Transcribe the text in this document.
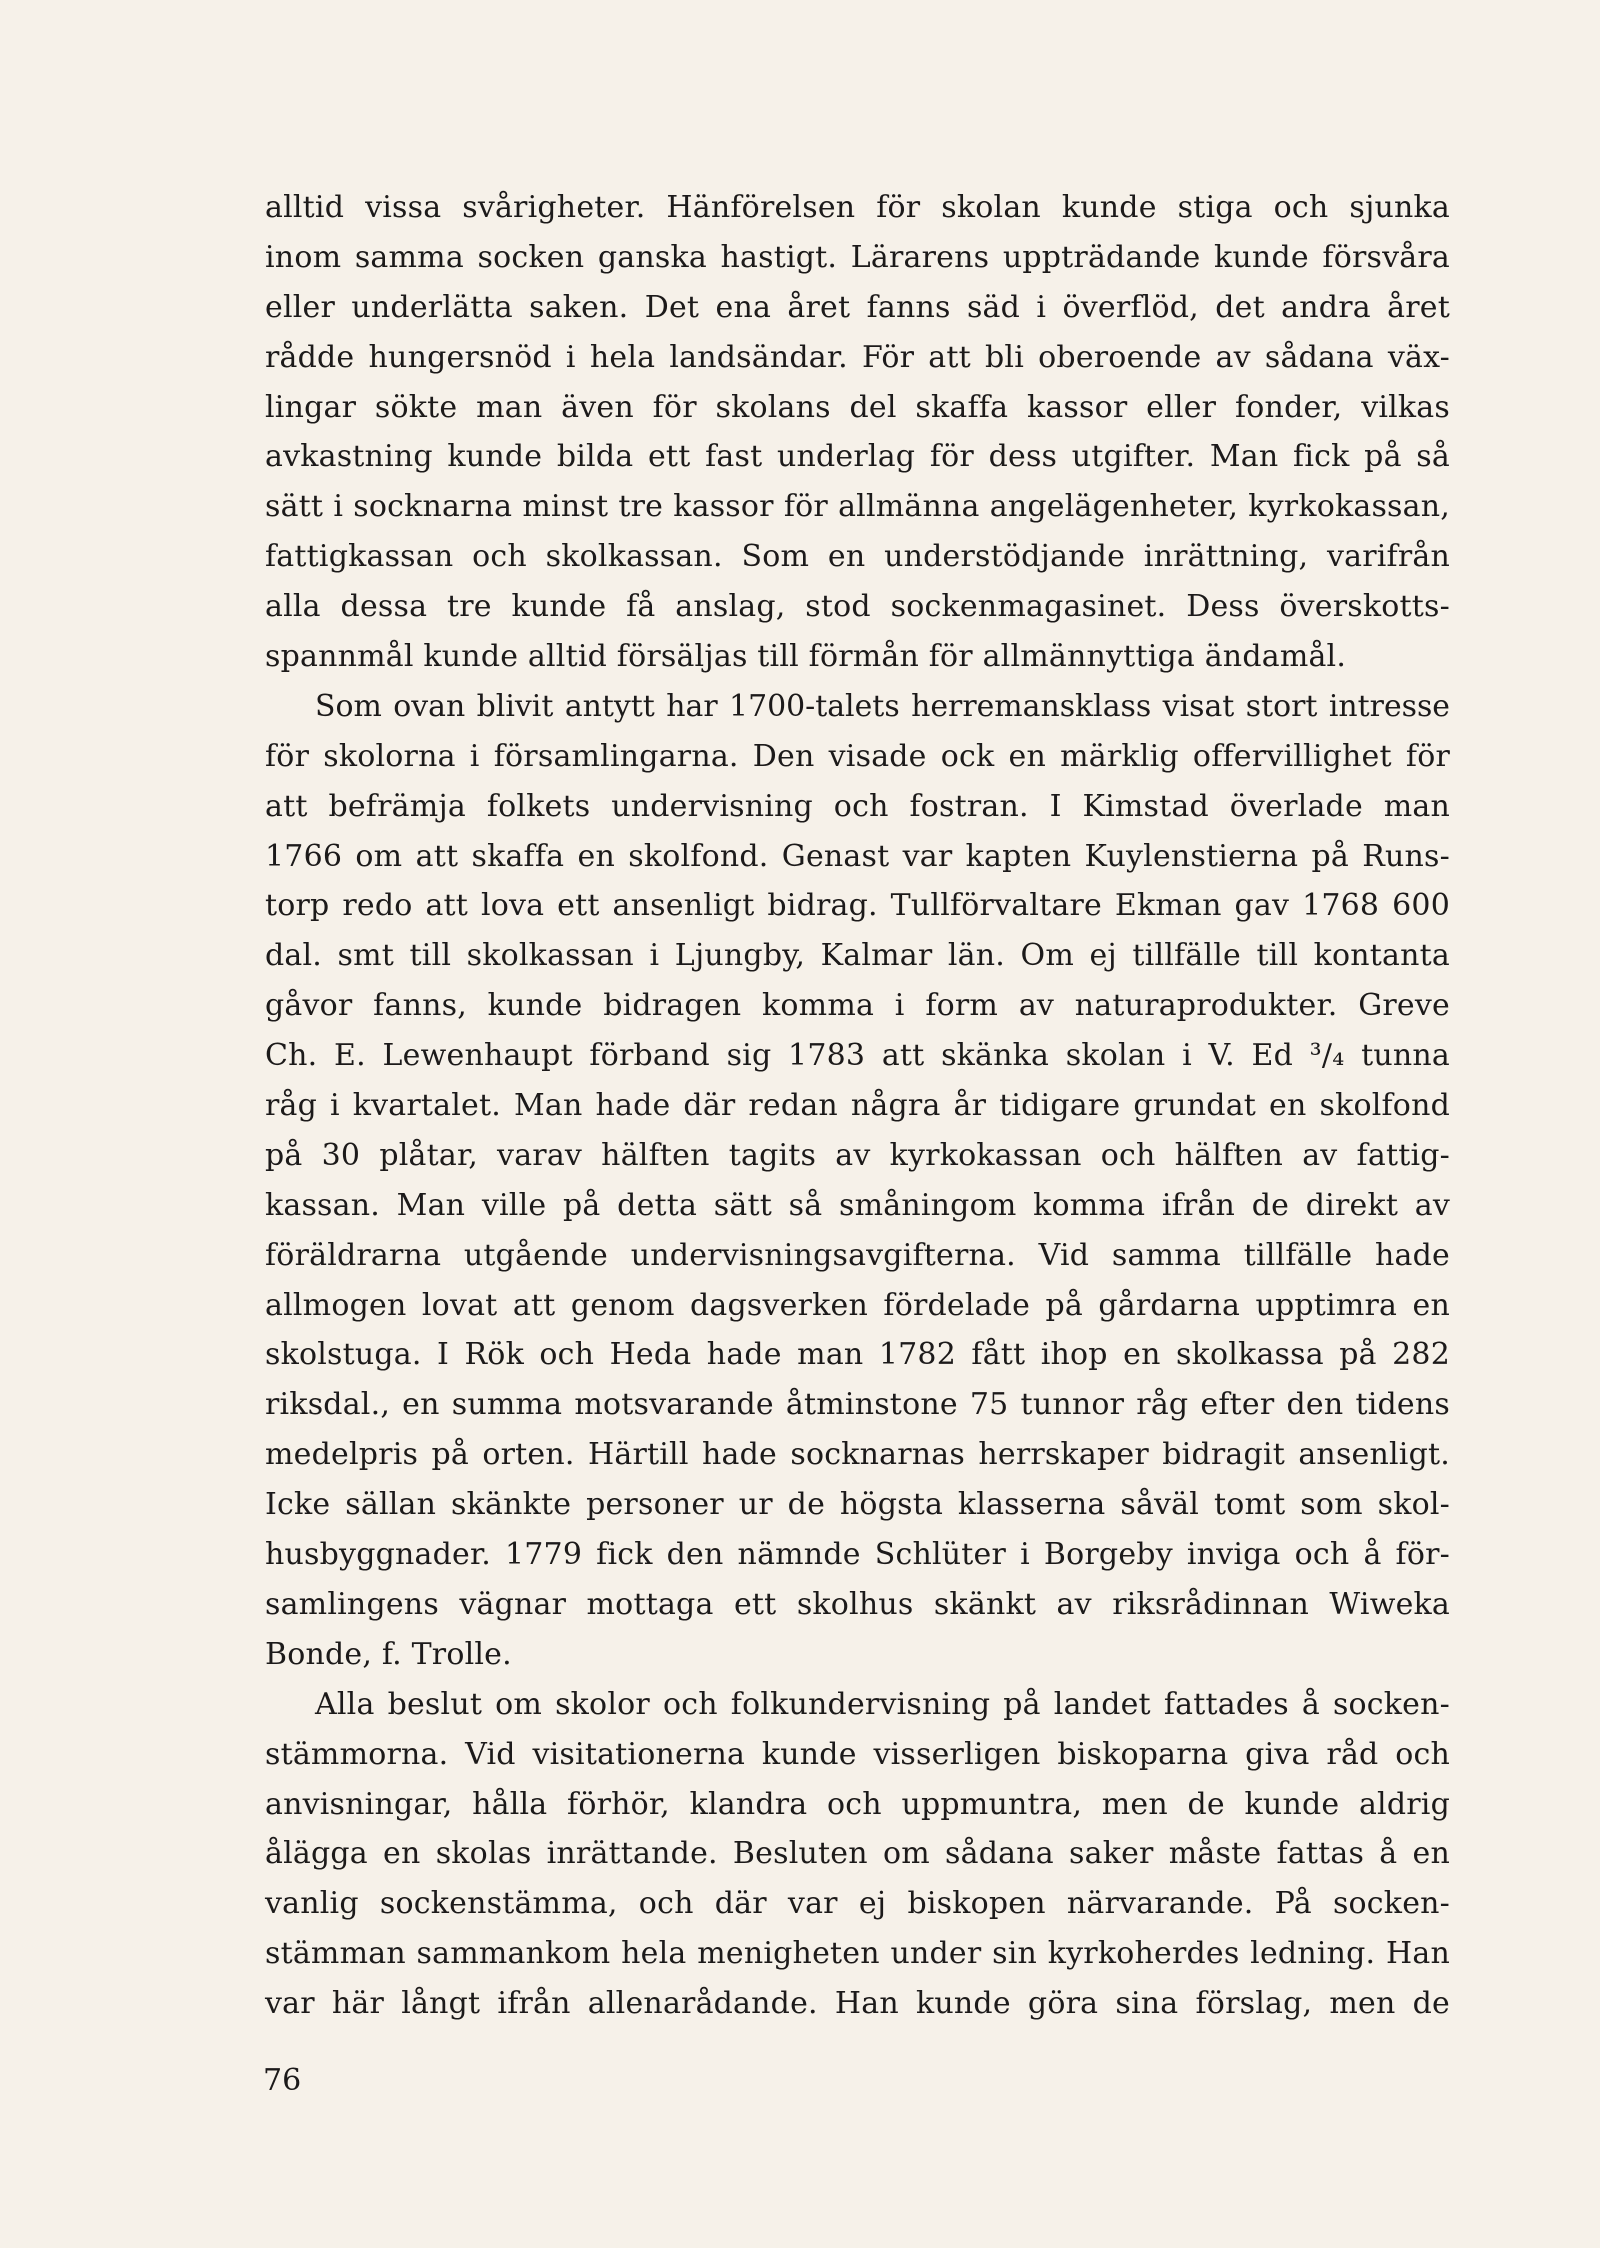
alltid vissa svårigheter. Hänförelsen för skolan kunde stiga och sjunka
inom samma socken ganska hastigt. Lärarens uppträdande kunde försvåra
eller underlätta saken. Det ena året fanns säd i överflöd, det andra året
rådde hungersnöd i hela landsändar. För att bli oberoende av sådana väx-
lingar sökte man även för skolans del skaffa kassor eller fonder, vilkas
avkastning kunde bilda ett fast underlag för dess utgifter. Man fick på så
sätt i socknarna minst tre kassor för allmänna angelägenheter, kyrkokassan,
fattigkassan och skolkassan. Som en understödjande inrättning, varifrån
alla dessa tre kunde få anslag, stod sockenmagasinet. Dess överskotts-
spannmål kunde alltid försäljas till förmån för allmännyttiga ändamål.
Som ovan blivit antytt har 1700-talets herremansklass visat stort intresse
för skolorna i församlingarna. Den visade ock en märklig offervillighet för
att befrämja folkets undervisning och fostran. I Kimstad överlade man
1766 om att skaffa en skolfond. Genast var kapten Kuylenstierna på Runs-
torp redo att lova ett ansenligt bidrag. Tullförvaltare Ekman gav 1768 600
dal. smt till skolkassan i Ljungby, Kalmar län. Om ej tillfälle till kontanta
gåvor fanns, kunde bidragen komma i form av naturaprodukter. Greve
Ch. E. Lewenhaupt förband sig 1783 att skänka skolan i V. Ed ³/₄ tunna
råg i kvartalet. Man hade där redan några år tidigare grundat en skolfond
på 30 plåtar, varav hälften tagits av kyrkokassan och hälften av fattig-
kassan. Man ville på detta sätt så småningom komma ifrån de direkt av
föräldrarna utgående undervisningsavgifterna. Vid samma tillfälle hade
allmogen lovat att genom dagsverken fördelade på gårdarna upptimra en
skolstuga. I Rök och Heda hade man 1782 fått ihop en skolkassa på 282
riksdal., en summa motsvarande åtminstone 75 tunnor råg efter den tidens
medelpris på orten. Härtill hade socknarnas herrskaper bidragit ansenligt.
Icke sällan skänkte personer ur de högsta klasserna såväl tomt som skol-
husbyggnader. 1779 fick den nämnde Schlüter i Borgeby inviga och å för-
samlingens vägnar mottaga ett skolhus skänkt av riksrådinnan Wiweka
Bonde, f. Trolle.
Alla beslut om skolor och folkundervisning på landet fattades å socken-
stämmorna. Vid visitationerna kunde visserligen biskoparna giva råd och
anvisningar, hålla förhör, klandra och uppmuntra, men de kunde aldrig
ålägga en skolas inrättande. Besluten om sådana saker måste fattas å en
vanlig sockenstämma, och där var ej biskopen närvarande. På socken-
stämman sammankom hela menigheten under sin kyrkoherdes ledning. Han
var här långt ifrån allenarådande. Han kunde göra sina förslag, men de
76
